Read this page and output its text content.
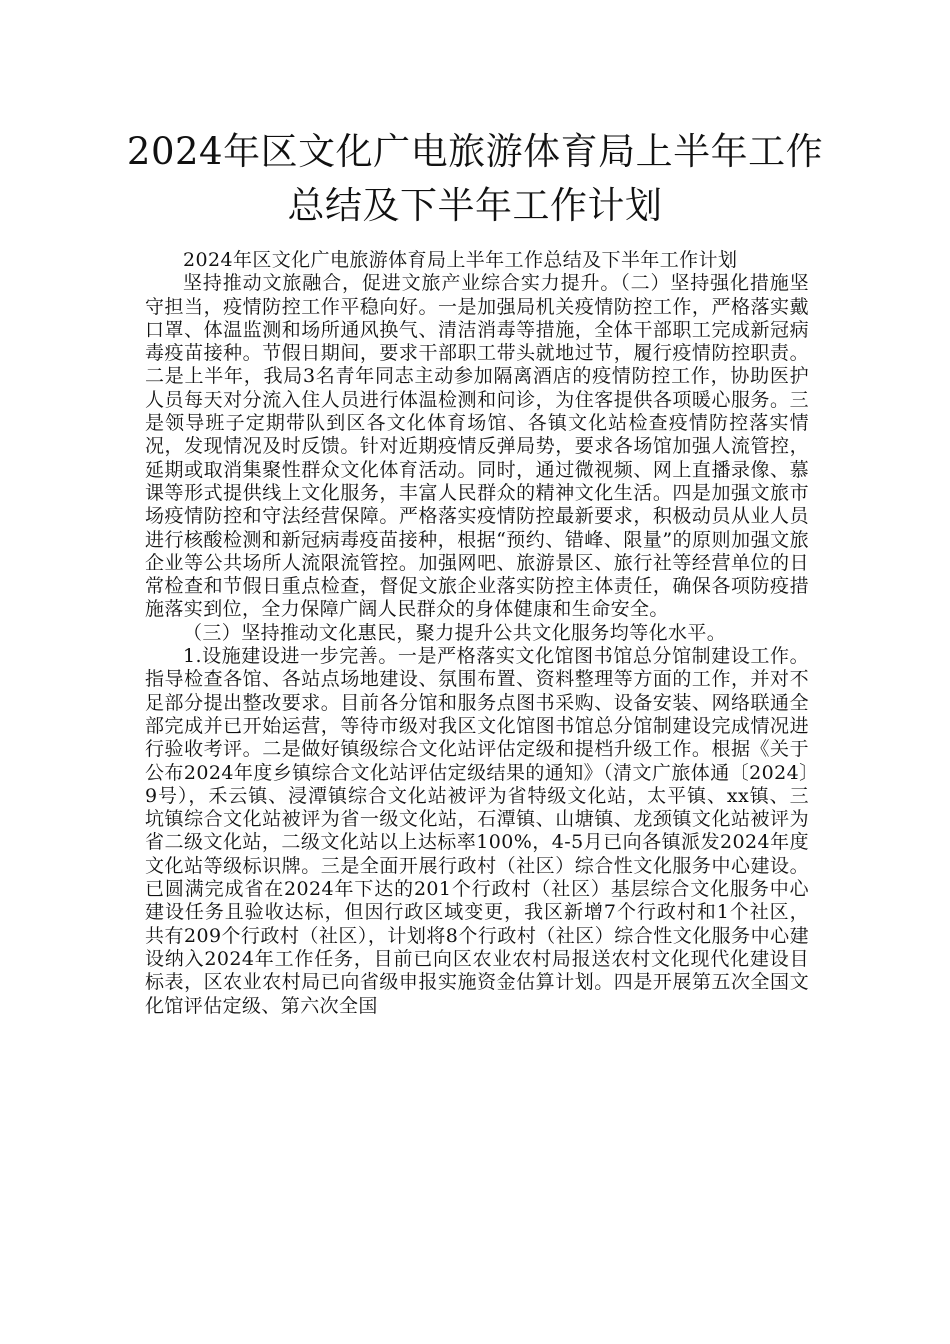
2024年区文化广电旅游体育局上半年工作
总结及下半年工作计划

2024年区文化广电旅游体育局上半年工作总结及下半年工作计划

坚持推动文旅融合，促进文旅产业综合实力提升。（二）坚持强化措施坚守担当，疫情防控工作平稳向好。一是加强局机关疫情防控工作，严格落实戴口罩、体温监测和场所通风换气、清洁消毒等措施，全体干部职工完成新冠病毒疫苗接种。节假日期间，要求干部职工带头就地过节，履行疫情防控职责。二是上半年，我局3名青年同志主动参加隔离酒店的疫情防控工作，协助医护人员每天对分流入住人员进行体温检测和问诊，为住客提供各项暖心服务。三是领导班子定期带队到区各文化体育场馆、各镇文化站检查疫情防控落实情况，发现情况及时反馈。针对近期疫情反弹局势，要求各场馆加强人流管控，延期或取消集聚性群众文化体育活动。同时，通过微视频、网上直播录像、慕课等形式提供线上文化服务，丰富人民群众的精神文化生活。四是加强文旅市场疫情防控和守法经营保障。严格落实疫情防控最新要求，积极动员从业人员进行核酸检测和新冠病毒疫苗接种，根据“预约、错峰、限量”的原则加强文旅企业等公共场所人流限流管控。加强网吧、旅游景区、旅行社等经营单位的日常检查和节假日重点检查，督促文旅企业落实防控主体责任，确保各项防疫措施落实到位，全力保障广阔人民群众的身体健康和生命安全。

（三）坚持推动文化惠民，聚力提升公共文化服务均等化水平。

1.设施建设进一步完善。一是严格落实文化馆图书馆总分馆制建设工作。指导检查各馆、各站点场地建设、氛围布置、资料整理等方面的工作，并对不足部分提出整改要求。目前各分馆和服务点图书采购、设备安装、网络联通全部完成并已开始运营，等待市级对我区文化馆图书馆总分馆制建设完成情况进行验收考评。二是做好镇级综合文化站评估定级和提档升级工作。根据《关于公布2024年度乡镇综合文化站评估定级结果的通知》（清文广旅体通〔2024〕9号），禾云镇、浸潭镇综合文化站被评为省特级文化站，太平镇、xx镇、三坑镇综合文化站被评为省一级文化站，石潭镇、山塘镇、龙颈镇文化站被评为省二级文化站，二级文化站以上达标率100%，4-5月已向各镇派发2024年度文化站等级标识牌。三是全面开展行政村（社区）综合性文化服务中心建设。已圆满完成省在2024年下达的201个行政村（社区）基层综合文化服务中心建设任务且验收达标，但因行政区域变更，我区新增7个行政村和1个社区，共有209个行政村（社区），计划将8个行政村（社区）综合性文化服务中心建设纳入2024年工作任务，目前已向区农业农村局报送农村文化现代化建设目标表，区农业农村局已向省级申报实施资金估算计划。四是开展第五次全国文化馆评估定级、第六次全国
